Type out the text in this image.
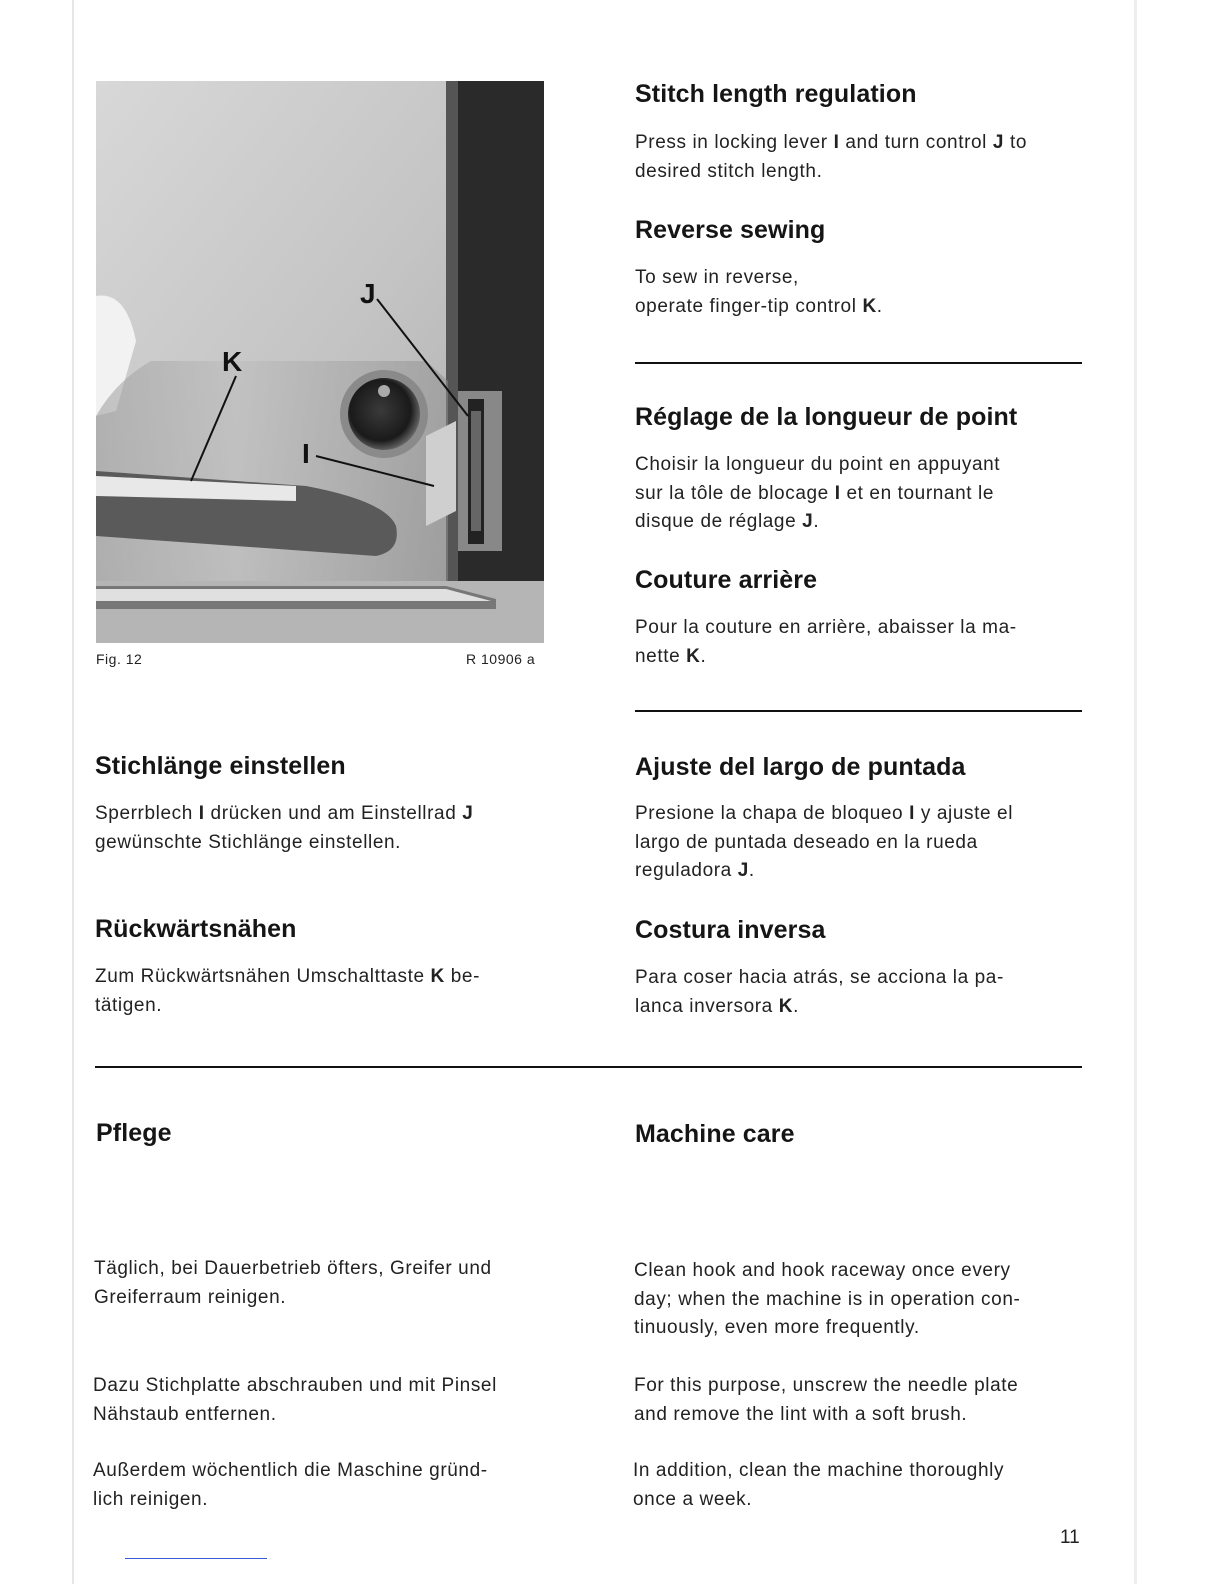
J
K
I
Fig. 12	R 10906 a
Stitch length regulation

Press in locking lever I and turn control J to
desired stitch length.

Reverse sewing

To sew in reverse,
operate finger-tip control K.

Réglage de la longueur de point

Choisir la longueur du point en appuyant
sur la tôle de blocage I et en tournant le
disque de réglage J.

Couture arrière

Pour la couture en arrière, abaisser la ma-
nette K.

Stichlänge einstellen

Sperrblech I drücken und am Einstellrad J
gewünschte Stichlänge einstellen.

Rückwärtsnähen

Zum Rückwärtsnähen Umschalttaste K be-
tätigen.

Ajuste del largo de puntada

Presione la chapa de bloqueo I y ajuste el
largo de puntada deseado en la rueda
reguladora J.

Costura inversa

Para coser hacia atrás, se acciona la pa-
lanca inversora K.

Pflege	Machine care

Täglich, bei Dauerbetrieb öfters, Greifer und
Greiferraum reinigen.

Dazu Stichplatte abschrauben und mit Pinsel
Nähstaub entfernen.

Außerdem wöchentlich die Maschine gründ-
lich reinigen.

Clean hook and hook raceway once every
day; when the machine is in operation con-
tinuously, even more frequently.

For this purpose, unscrew the needle plate
and remove the lint with a soft brush.

In addition, clean the machine thoroughly
once a week.

11
